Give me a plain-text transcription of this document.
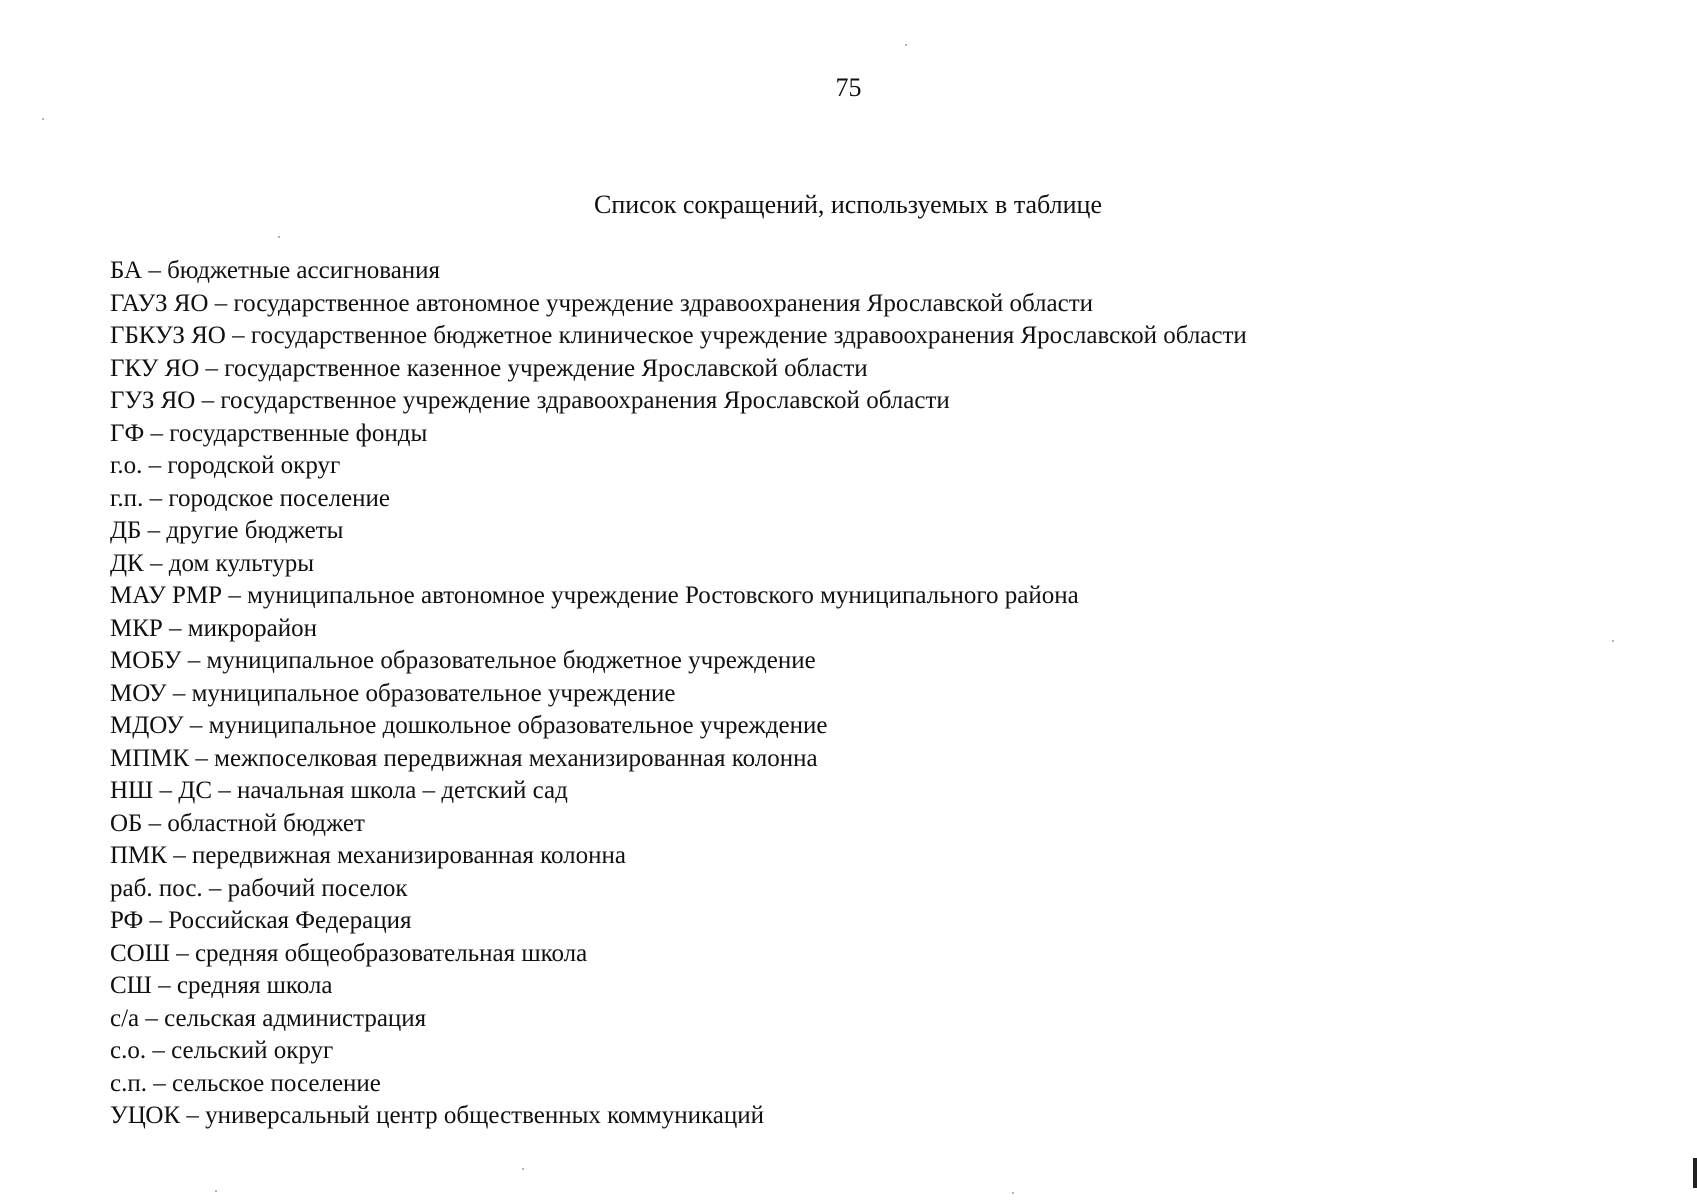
75
Список сокращений, используемых в таблице
БА – бюджетные ассигнования
ГАУЗ ЯО – государственное автономное учреждение здравоохранения Ярославской области
ГБКУЗ ЯО – государственное бюджетное клиническое учреждение здравоохранения Ярославской области
ГКУ ЯО – государственное казенное учреждение Ярославской области
ГУЗ ЯО – государственное учреждение здравоохранения Ярославской области
ГФ – государственные фонды
г.о. – городской округ
г.п. – городское поселение
ДБ – другие бюджеты
ДК – дом культуры
МАУ РМР – муниципальное автономное учреждение Ростовского муниципального района
МКР – микрорайон
МОБУ – муниципальное образовательное бюджетное учреждение
МОУ – муниципальное образовательное учреждение
МДОУ – муниципальное дошкольное образовательное учреждение
МПМК – межпоселковая передвижная механизированная колонна
НШ – ДС – начальная школа – детский сад
ОБ – областной бюджет
ПМК – передвижная механизированная колонна
раб. пос. – рабочий поселок
РФ – Российская Федерация
СОШ – средняя общеобразовательная школа
СШ – средняя школа
с/а – сельская администрация
с.о. – сельский округ
с.п. – сельское поселение
УЦОК – универсальный центр общественных коммуникаций
